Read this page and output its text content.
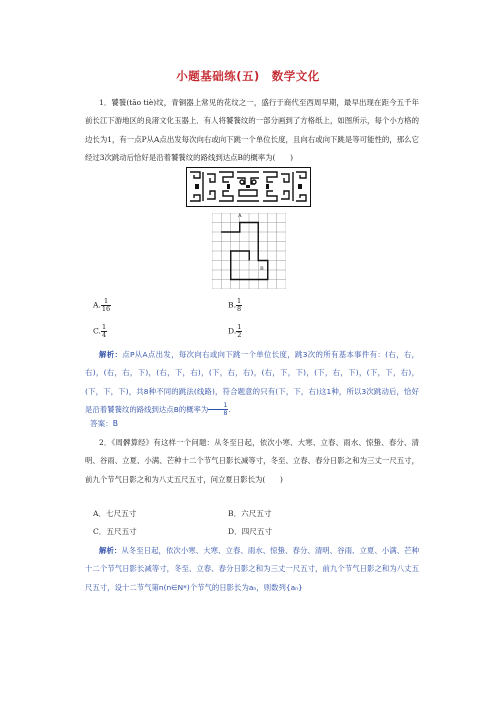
小题基础练(五)　数学文化
1．饕餮(tāo tiè)纹，青铜器上常见的花纹之一，盛行于商代至西周早期，最早出现在距今五千年前长江下游地区的良渚文化玉器上．有人将饕餮纹的一部分画到了方格纸上，如图所示，每个小方格的边长为1，有一点P从A点出发每次向右或向下跳一个单位长度，且向右或向下跳是等可能性的，那么它经过3次跳动后恰好是沿着饕餮纹的路线到达点B的概率为(　　)
A
B
A. $\frac{1}{16}$	B. $\frac{1}{8}$
C. $\frac{1}{4}$	D. $\frac{1}{2}$
解析：点P从A点出发，每次向右或向下跳一个单位长度，跳3次的所有基本事件有：(右，右，右)，(右，右，下)，(右，下，右)，(下，右，右)，(右，下，下)，(下，右，下)，(下，下，右)，(下，下，下)，共8种不同的跳法(线路)，符合题意的只有(下，下，右)这1种，所以3次跳动后，恰好是沿着饕餮纹的路线到达点B的概率为 $\frac{1}{8}$ .
答案：B
2．《周髀算经》有这样一个问题：从冬至日起，依次小寒、大寒、立春、雨水、惊蛰、春分、清明、谷雨、立夏、小满、芒种十二个节气日影长减等寸，冬至、立春、春分日影之和为三丈一尺五寸，前九个节气日影之和为八丈五尺五寸，问立夏日影长为(　　)
A．七尺五寸	B．六尺五寸
C．五尺五寸	D．四尺五寸
解析：从冬至日起，依次小寒、大寒、立春、雨水、惊蛰、春分、清明、谷雨、立夏、小满、芒种十二个节气日影长减等寸，冬至、立春、春分日影之和为三丈一尺五寸，前九个节气日影之和为八丈五尺五寸，设十二节气第n(n∈N*)个节气的日影长为aₙ，则数列{aₙ}
